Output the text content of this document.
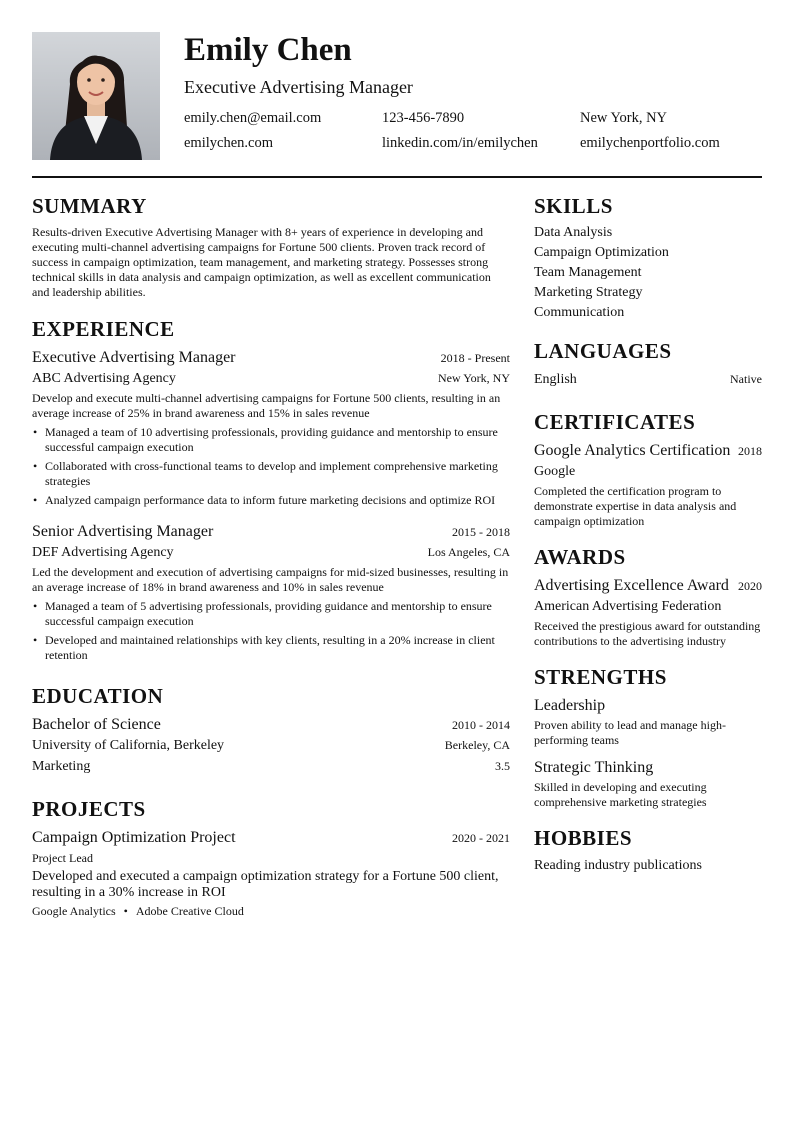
Emily Chen
Executive Advertising Manager
emily.chen@email.com	123-456-7890	New York, NY
emilychen.com	linkedin.com/in/emilychen	emilychenportfolio.com
SUMMARY

Results-driven Executive Advertising Manager with 8+ years of experience in developing and executing multi-channel advertising campaigns for Fortune 500 clients. Proven track record of success in campaign optimization, team management, and marketing strategy. Possesses strong technical skills in data analysis and campaign optimization, as well as excellent communication and leadership abilities.

EXPERIENCE
Executive Advertising Manager	2018 - Present
ABC Advertising Agency	New York, NY

Develop and execute multi-channel advertising campaigns for Fortune 500 clients, resulting in an average increase of 25% in brand awareness and 15% in sales revenue

• Managed a team of 10 advertising professionals, providing guidance and mentorship to ensure successful campaign execution
• Collaborated with cross-functional teams to develop and implement comprehensive marketing strategies
• Analyzed campaign performance data to inform future marketing decisions and optimize ROI
Senior Advertising Manager	2015 - 2018
DEF Advertising Agency	Los Angeles, CA

Led the development and execution of advertising campaigns for mid-sized businesses, resulting in an average increase of 18% in brand awareness and 10% in sales revenue

• Managed a team of 5 advertising professionals, providing guidance and mentorship to ensure successful campaign execution
• Developed and maintained relationships with key clients, resulting in a 20% increase in client retention
EDUCATION
Bachelor of Science	2010 - 2014
University of California, Berkeley	Berkeley, CA
Marketing	3.5
PROJECTS
Campaign Optimization Project	2020 - 2021
Project Lead

Developed and executed a campaign optimization strategy for a Fortune 500 client, resulting in a 30% increase in ROI

Google Analytics • Adobe Creative Cloud
SKILLS
Data Analysis
Campaign Optimization
Team Management
Marketing Strategy
Communication
LANGUAGES
English	Native
CERTIFICATES
Google Analytics Certification 2018
Google

Completed the certification program to demonstrate expertise in data analysis and campaign optimization

AWARDS
Advertising Excellence Award 2020
American Advertising Federation

Received the prestigious award for outstanding contributions to the advertising industry

STRENGTHS
Leadership

Proven ability to lead and manage high-performing teams

Strategic Thinking

Skilled in developing and executing comprehensive marketing strategies

HOBBIES
Reading industry publications
